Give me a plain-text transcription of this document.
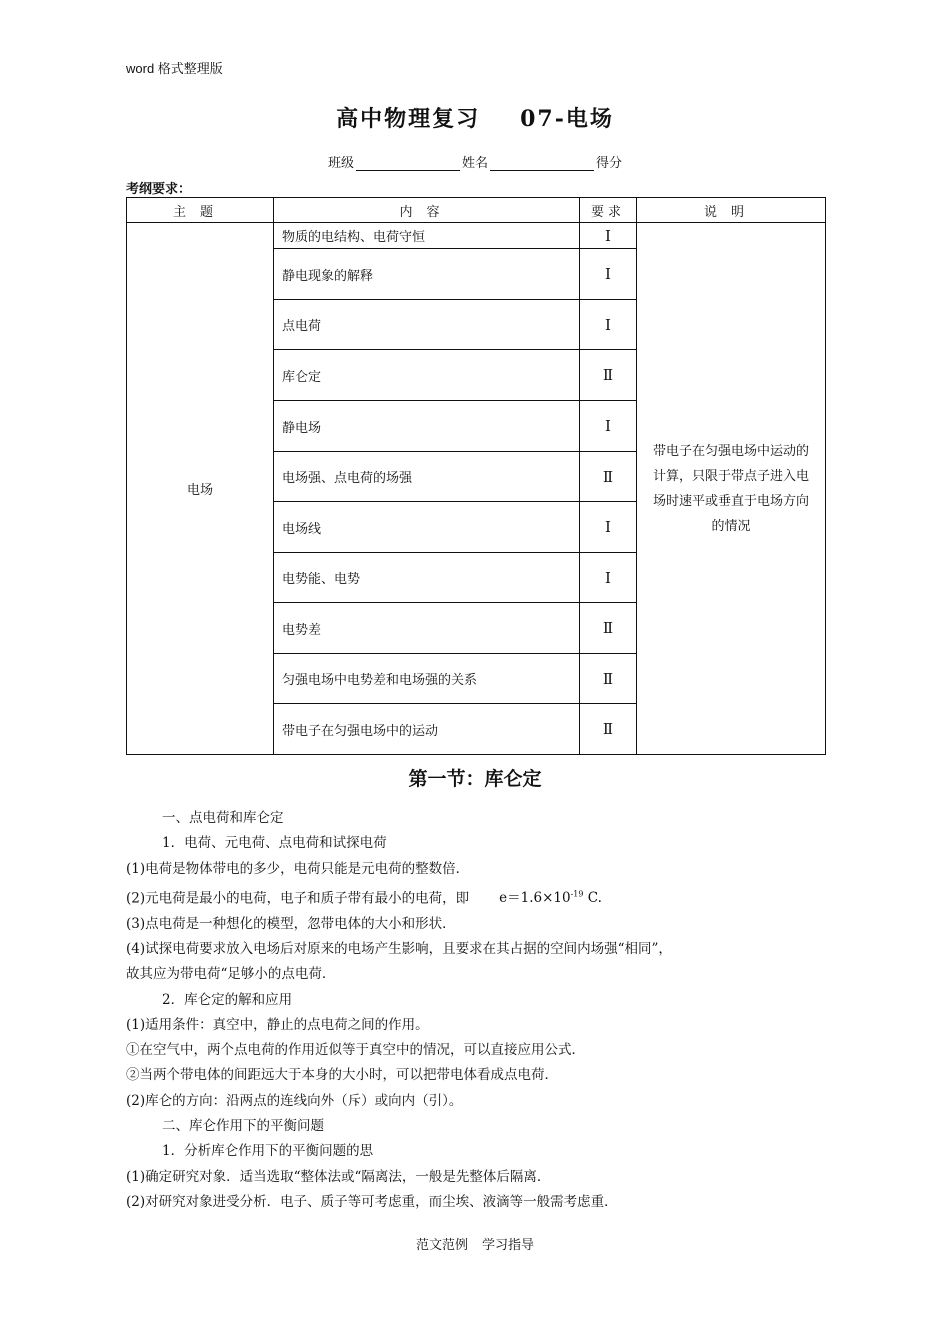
word 格式整理版
高中物理复习 07-电场
班级	姓名	得分
考纲要求：
主题	内容	要求	说明
电场	物质的电结构、电荷守恒	Ⅰ	带电子在匀强电场中运动的计算，只限于带点子进入电场时速平或垂直于电场方向的情况
	静电现象的解释	Ⅰ	
	点电荷	Ⅰ	
	库仑定	Ⅱ	
	静电场	Ⅰ	
	电场强、点电荷的场强	Ⅱ	
	电场线	Ⅰ	
	电势能、电势	Ⅰ	
	电势差	Ⅱ	
	匀强电场中电势差和电场强的关系	Ⅱ	
	带电子在匀强电场中的运动	Ⅱ	
第一节：库仑定

一、点电荷和库仑定

1．电荷、元电荷、点电荷和试探电荷

(1)电荷是物体带电的多少，电荷只能是元电荷的整数倍．

(2)元电荷是最小的电荷，电子和质子带有最小的电荷，即 $e=1.6\times 10^{-19}$ C.

(3)点电荷是一种想化的模型，忽带电体的大小和形状．

(4)试探电荷要求放入电场后对原来的电场产生影响，且要求在其占据的空间内场强“相同”，

故其应为带电荷“足够小的点电荷．

2．库仑定的解和应用

(1)适用条件：真空中，静止的点电荷之间的作用。

①在空气中，两个点电荷的作用近似等于真空中的情况，可以直接应用公式．

②当两个带电体的间距远大于本身的大小时，可以把带电体看成点电荷．

(2)库仑的方向：沿两点的连线向外（斥）或向内（引）。

二、库仑作用下的平衡问题

1．分析库仑作用下的平衡问题的思

(1)确定研究对象．适当选取“整体法或“隔离法，一般是先整体后隔离．

(2)对研究对象进受分析．电子、质子等可考虑重，而尘埃、液滴等一般需考虑重．

范文范例 学习指导
